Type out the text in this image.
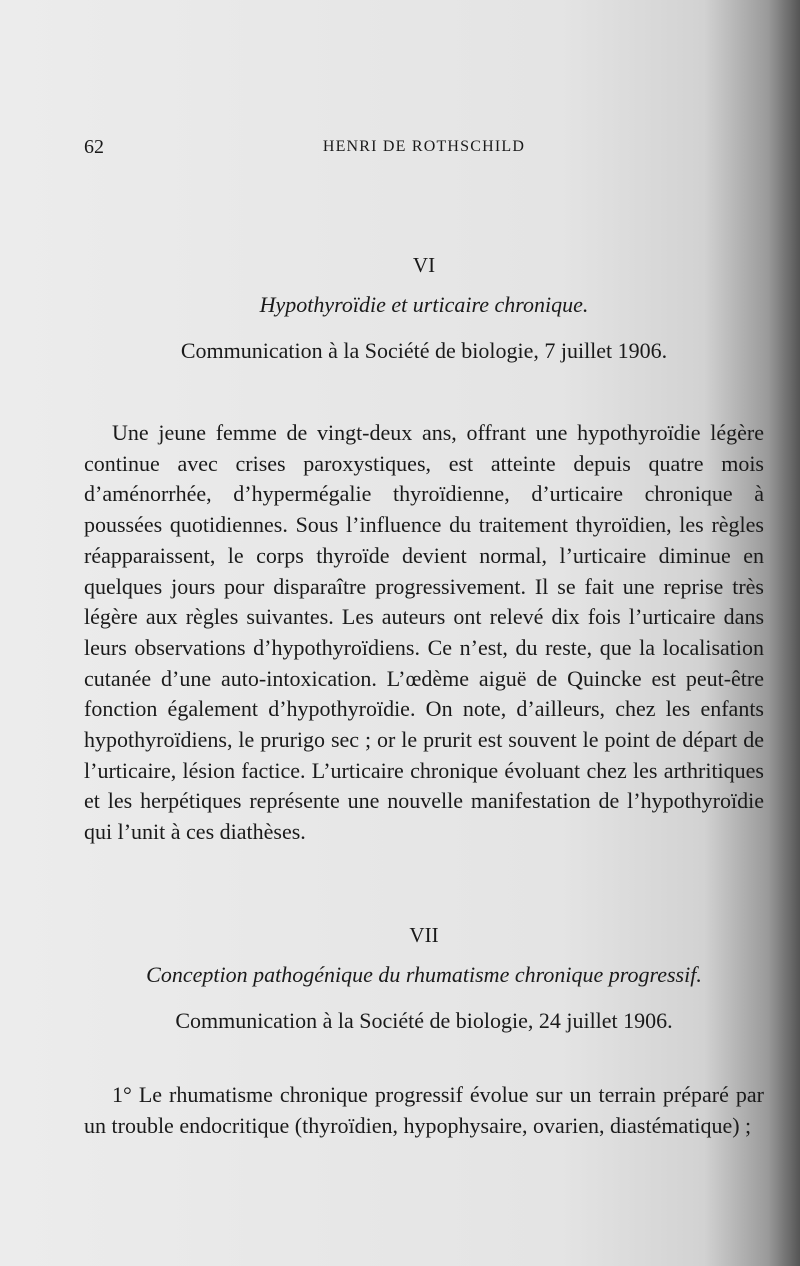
62	HENRI DE ROTHSCHILD

VI

Hypothyroïdie et urticaire chronique.

Communication à la Société de biologie, 7 juillet 1906.

Une jeune femme de vingt-deux ans, offrant une hypothyroïdie légère continue avec crises paroxystiques, est atteinte depuis quatre mois d’aménorrhée, d’hypermégalie thyroïdienne, d’urticaire chronique à poussées quotidiennes. Sous l’influence du traitement thyroïdien, les règles réapparaissent, le corps thyroïde devient normal, l’urticaire diminue en quelques jours pour disparaître progressivement. Il se fait une reprise très légère aux règles suivantes. Les auteurs ont relevé dix fois l’urticaire dans leurs observations d’hypothyroïdiens. Ce n’est, du reste, que la localisation cutanée d’une auto-intoxication. L’œdème aiguë de Quincke est peut-être fonction également d’hypothyroïdie. On note, d’ailleurs, chez les enfants hypothyroïdiens, le prurigo sec ; or le prurit est souvent le point de départ de l’urticaire, lésion factice. L’urticaire chronique évoluant chez les arthritiques et les herpétiques représente une nouvelle manifestation de l’hypothyroïdie qui l’unit à ces diathèses.

VII

Conception pathogénique du rhumatisme chronique progressif.

Communication à la Société de biologie, 24 juillet 1906.

1° Le rhumatisme chronique progressif évolue sur un terrain préparé par un trouble endocritique (thyroïdien, hypophysaire, ovarien, diastématique) ;
